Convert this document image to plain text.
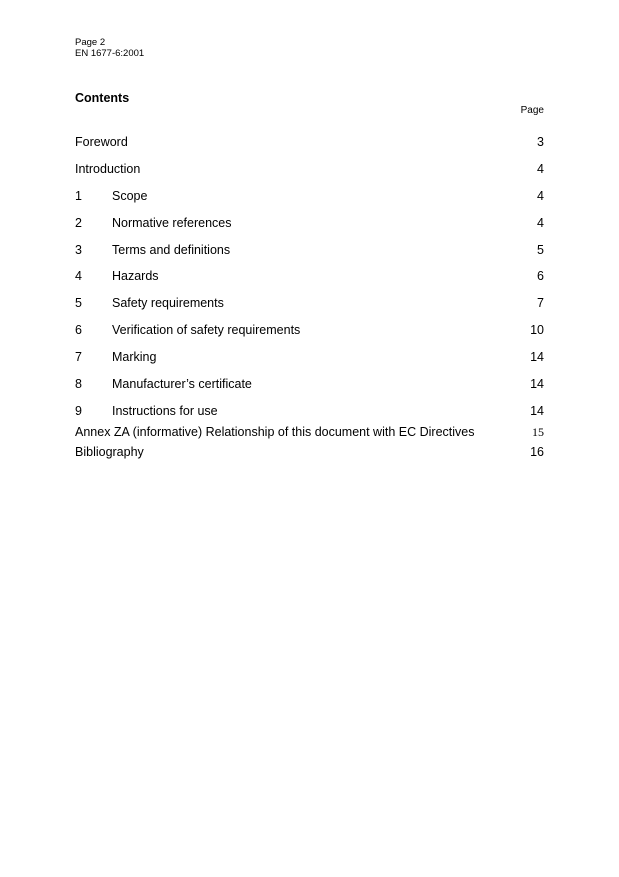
Page 2
EN 1677-6:2001
Contents
Page
Foreword	3
Introduction	4
1 Scope	4
2 Normative references	4
3 Terms and definitions	5
4 Hazards	6
5 Safety requirements	7
6 Verification of safety requirements	10
7 Marking	14
8 Manufacturer’s certificate	14
9 Instructions for use	14
Annex ZA (informative) Relationship of this document with EC Directives	15
Bibliography	16
